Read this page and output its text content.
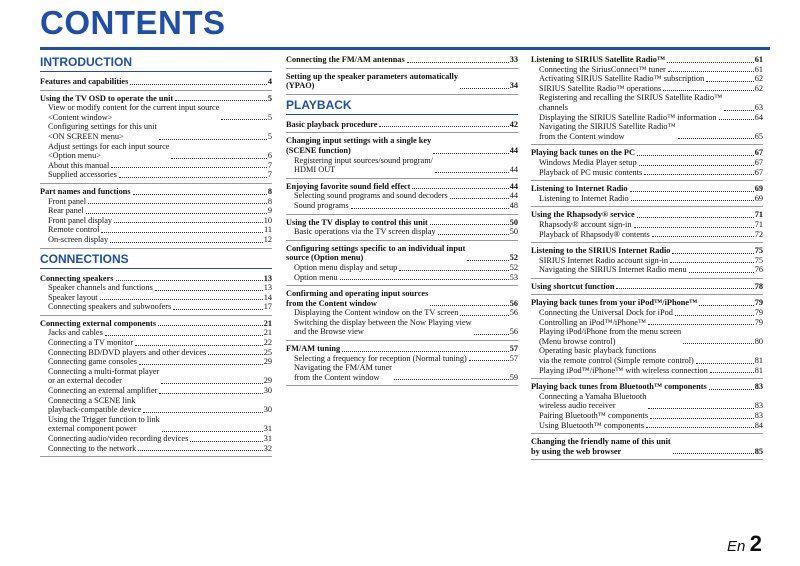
CONTENTS
INTRODUCTION
Features and capabilities	4
Using the TV OSD to operate the unit	5
View or modify content for the current input source
<Content window>	5
Configuring settings for this unit
<ON SCREEN menu>	5
Adjust settings for each input source
<Option menu>	6
About this manual	7
Supplied accessories	7
Part names and functions	8
Front panel	8
Rear panel	9
Front panel display	10
Remote control	11
On-screen display	12
CONNECTIONS
Connecting speakers	13
Speaker channels and functions	13
Speaker layout	14
Connecting speakers and subwoofers	17
Connecting external components	21
Jacks and cables	21
Connecting a TV monitor	22
Connecting BD/DVD players and other devices	25
Connecting game consoles	29
Connecting a multi-format player
or an external decoder	29
Connecting an external amplifier	30
Connecting a SCENE link
playback-compatible device	30
Using the Trigger function to link
external component power	31
Connecting audio/video recording devices	31
Connecting to the network	32
Connecting the FM/AM antennas	33
Setting up the speaker parameters automatically
(YPAO)	34
PLAYBACK
Basic playback procedure	42
Changing input settings with a single key
(SCENE function)	44
Registering input sources/sound program/
HDMI OUT	44
Enjoying favorite sound field effect	44
Selecting sound programs and sound decoders	44
Sound programs	48
Using the TV display to control this unit	50
Basic operations via the TV screen display	50
Configuring settings specific to an individual input
source (Option menu)	52
Option menu display and setup	52
Option menu	53
Confirming and operating input sources
from the Content window	56
Displaying the Content window on the TV screen	56
Switching the display between the Now Playing view
and the Browse view	56
FM/AM tuning	57
Selecting a frequency for reception (Normal tuning)	57
Navigating the FM/AM tuner
from the Content window	59
Listening to SIRIUS Satellite Radio™	61
Connecting the SiriusConnect™ tuner	61
Activating SIRIUS Satellite Radio™ subscription	62
SIRIUS Satellite Radio™ operations	62
Registering and recalling the SIRIUS Satellite Radio™
channels	63
Displaying the SIRIUS Satellite Radio™ information	64
Navigating the SIRIUS Satellite Radio™
from the Content window	65
Playing back tunes on the PC	67
Windows Media Player setup	67
Playback of PC music contents	67
Listening to Internet Radio	69
Listening to Internet Radio	69
Using the Rhapsody® service	71
Rhapsody® account sign-in	71
Playback of Rhapsody® contents	72
Listening to the SIRIUS Internet Radio	75
SIRIUS Internet Radio account sign-in	75
Navigating the SIRIUS Internet Radio menu	76
Using shortcut function	78
Playing back tunes from your iPod™/iPhone™	79
Connecting the Universal Dock for iPod	79
Controlling an iPod™/iPhone™	79
Playing iPod/iPhone from the menu screen
(Menu browse control)	80
Operating basic playback functions
via the remote control (Simple remote control)	81
Playing iPod™/iPhone™ with wireless connection	81
Playing back tunes from Bluetooth™ components	83
Connecting a Yamaha Bluetooth
wireless audio receiver	83
Pairing Bluetooth™ components	83
Using Bluetooth™ components	84
Changing the friendly name of this unit
by using the web browser	85
En 2
